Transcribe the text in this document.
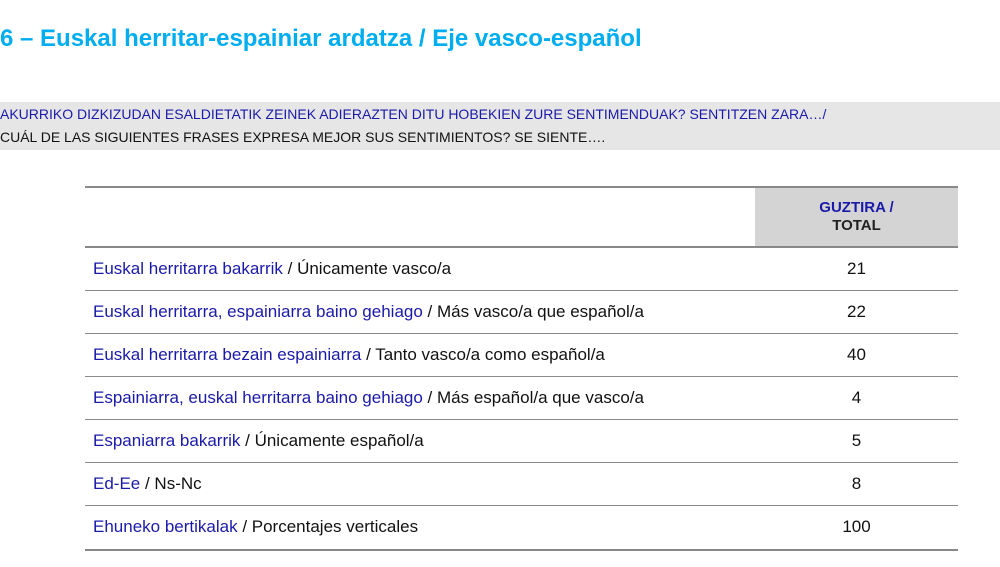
6 – Euskal herritar-espainiar ardatza / Eje vasco-español
AKURRIKO DIZKIZUDAN ESALDIETATIK ZEINEK ADIERAZTEN DITU HOBEKIEN ZURE SENTIMENDUAK? SENTITZEN ZARA…/
CUÁL DE LAS SIGUIENTES FRASES EXPRESA MEJOR SUS SENTIMIENTOS? SE SIENTE….

	GUZTIRA /
TOTAL

Euskal herritarra bakarrik / Únicamente vasco/a	21
Euskal herritarra, espainiarra baino gehiago / Más vasco/a que español/a	22
Euskal herritarra bezain espainiarra / Tanto vasco/a como español/a	40
Espainiarra, euskal herritarra baino gehiago / Más español/a que vasco/a	4
Espaniarra bakarrik / Únicamente español/a	5
Ed-Ee / Ns-Nc	8
Ehuneko bertikalak / Porcentajes verticales	100
